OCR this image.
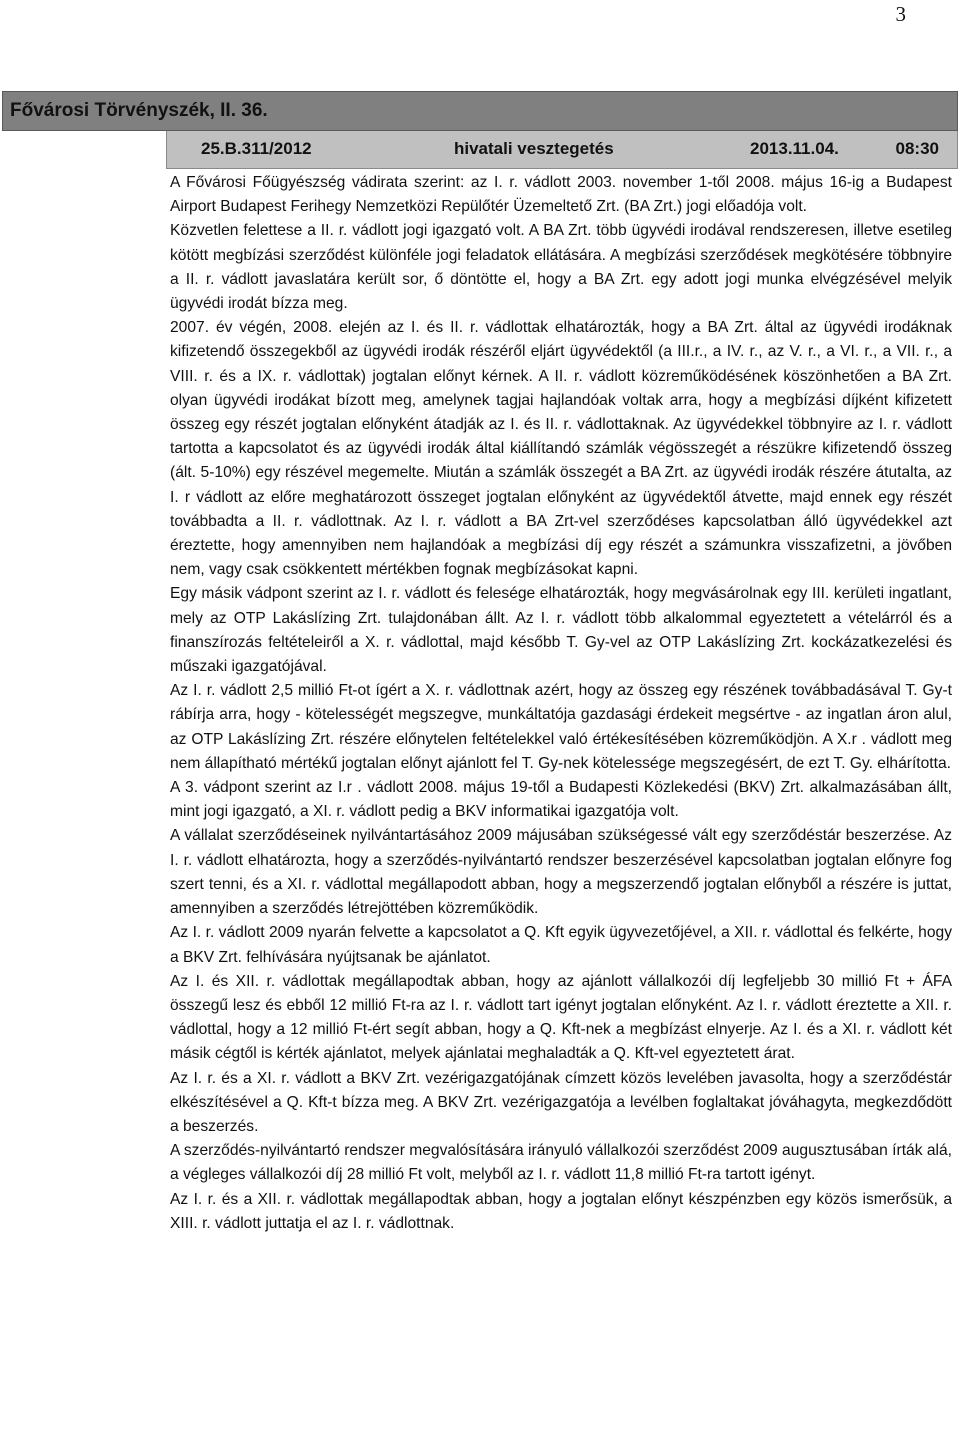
3
Fővárosi Törvényszék, II. 36.
25.B.311/2012	hivatali vesztegetés	2013.11.04.	08:30

A Fővárosi Főügyészség vádirata szerint: az I. r. vádlott 2003. november 1-től 2008. május 16-ig a Budapest Airport Budapest Ferihegy Nemzetközi Repülőtér Üzemeltető Zrt. (BA Zrt.) jogi előadója volt.

Közvetlen felettese a II. r. vádlott jogi igazgató volt. A BA Zrt. több ügyvédi irodával rendszeresen, illetve esetileg kötött megbízási szerződést különféle jogi feladatok ellátására. A megbízási szerződések megkötésére többnyire a II. r. vádlott javaslatára került sor, ő döntötte el, hogy a BA Zrt. egy adott jogi munka elvégzésével melyik ügyvédi irodát bízza meg.

2007. év végén, 2008. elején az I. és II. r. vádlottak elhatározták, hogy a BA Zrt. által az ügyvédi irodáknak kifizetendő összegekből az ügyvédi irodák részéről eljárt ügyvédektől (a III.r., a IV. r., az V. r., a VI. r., a VII. r., a VIII. r. és a IX. r. vádlottak) jogtalan előnyt kérnek. A II. r. vádlott közreműködésének köszönhetően a BA Zrt. olyan ügyvédi irodákat bízott meg, amelynek tagjai hajlandóak voltak arra, hogy a megbízási díjként kifizetett összeg egy részét jogtalan előnyként átadják az I. és II. r. vádlottaknak. Az ügyvédekkel többnyire az I. r. vádlott tartotta a kapcsolatot és az ügyvédi irodák által kiállítandó számlák végösszegét a részükre kifizetendő összeg (ált. 5-10%) egy részével megemelte. Miután a számlák összegét a BA Zrt. az ügyvédi irodák részére átutalta, az I. r vádlott az előre meghatározott összeget jogtalan előnyként az ügyvédektől átvette, majd ennek egy részét továbbadta a II. r. vádlottnak. Az I. r. vádlott a BA Zrt-vel szerződéses kapcsolatban álló ügyvédekkel azt éreztette, hogy amennyiben nem hajlandóak a megbízási díj egy részét a számunkra visszafizetni, a jövőben nem, vagy csak csökkentett mértékben fognak megbízásokat kapni.

Egy másik vádpont szerint az I. r. vádlott és felesége elhatározták, hogy megvásárolnak egy III. kerületi ingatlant, mely az OTP Lakáslízing Zrt. tulajdonában állt. Az I. r. vádlott több alkalommal egyeztetett a vételárról és a finanszírozás feltételeiről a X. r. vádlottal, majd később T. Gy-vel az OTP Lakáslízing Zrt. kockázatkezelési és műszaki igazgatójával.

Az I. r. vádlott 2,5 millió Ft-ot ígért a X. r. vádlottnak azért, hogy az összeg egy részének továbbadásával T. Gy-t rábírja arra, hogy - kötelességét megszegve, munkáltatója gazdasági érdekeit megsértve - az ingatlan áron alul, az OTP Lakáslízing Zrt. részére előnytelen feltételekkel való értékesítésében közreműködjön. A X.r . vádlott meg nem állapítható mértékű jogtalan előnyt ajánlott fel T. Gy-nek kötelessége megszegésért, de ezt T. Gy. elhárította.

A 3. vádpont szerint az I.r . vádlott 2008. május 19-től a Budapesti Közlekedési (BKV) Zrt. alkalmazásában állt, mint jogi igazgató, a XI. r. vádlott pedig a BKV informatikai igazgatója volt.

A vállalat szerződéseinek nyilvántartásához 2009 májusában szükségessé vált egy szerződéstár beszerzése. Az I. r. vádlott elhatározta, hogy a szerződés-nyilvántartó rendszer beszerzésével kapcsolatban jogtalan előnyre fog szert tenni, és a XI. r. vádlottal megállapodott abban, hogy a megszerzendő jogtalan előnyből a részére is juttat, amennyiben a szerződés létrejöttében közreműködik.

Az I. r. vádlott 2009 nyarán felvette a kapcsolatot a Q. Kft egyik ügyvezetőjével, a XII. r. vádlottal és felkérte, hogy a BKV Zrt. felhívására nyújtsanak be ajánlatot.

Az I. és XII. r. vádlottak megállapodtak abban, hogy az ajánlott vállalkozói díj legfeljebb 30 millió Ft + ÁFA összegű lesz és ebből 12 millió Ft-ra az I. r. vádlott tart igényt jogtalan előnyként. Az I. r. vádlott éreztette a XII. r. vádlottal, hogy a 12 millió Ft-ért segít abban, hogy a Q. Kft-nek a megbízást elnyerje. Az I. és a XI. r. vádlott két másik cégtől is kérték ajánlatot, melyek ajánlatai meghaladták a Q. Kft-vel egyeztetett árat.

Az I. r. és a XI. r. vádlott a BKV Zrt. vezérigazgatójának címzett közös levelében javasolta, hogy a szerződéstár elkészítésével a Q. Kft-t bízza meg. A BKV Zrt. vezérigazgatója a levélben foglaltakat jóváhagyta, megkezdődött a beszerzés.

A szerződés-nyilvántartó rendszer megvalósítására irányuló vállalkozói szerződést 2009 augusztusában írták alá, a végleges vállalkozói díj 28 millió Ft volt, melyből az I. r. vádlott 11,8 millió Ft-ra tartott igényt.

Az I. r. és a XII. r. vádlottak megállapodtak abban, hogy a jogtalan előnyt készpénzben egy közös ismerősük, a XIII. r. vádlott juttatja el az I. r. vádlottnak.
